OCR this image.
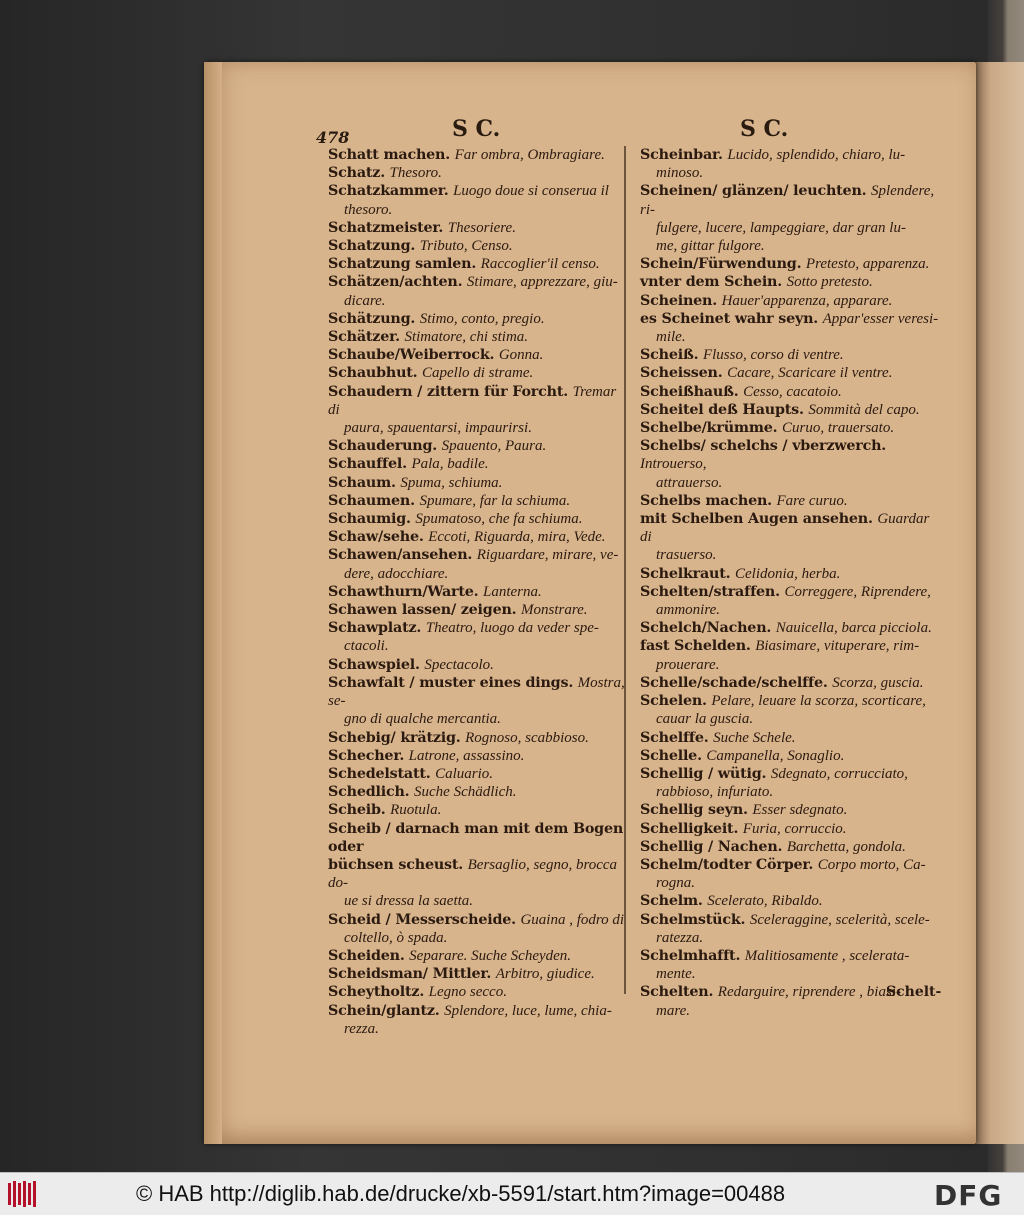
478	S C.	S C.
Schatt machen. Far ombra, Ombragiare.
Schatz. Thesoro.
Schatzkammer. Luogo doue si conserua il
thesoro.
Schatzmeister. Thesoriere.
Schatzung. Tributo, Censo.
Schatzung samlen. Raccoglier'il censo.
Schätzen/achten. Stimare, apprezzare, giu-
dicare.
Schätzung. Stimo, conto, pregio.
Schätzer. Stimatore, chi stima.
Schaube/Weiberrock. Gonna.
Schaubhut. Capello di strame.
Schaudern / zittern für Forcht. Tremar di
paura, spauentarsi, impaurirsi.
Schauderung. Spauento, Paura.
Schauffel. Pala, badile.
Schaum. Spuma, schiuma.
Schaumen. Spumare, far la schiuma.
Schaumig. Spumatoso, che fa schiuma.
Schaw/sehe. Eccoti, Riguarda, mira, Vede.
Schawen/ansehen. Riguardare, mirare, ve-
dere, adocchiare.
Schawthurn/Warte. Lanterna.
Schawen lassen/ zeigen. Monstrare.
Schawplatz. Theatro, luogo da veder spe-
ctacoli.
Schawspiel. Spectacolo.
Schawfalt / muster eines dings. Mostra, se-
gno di qualche mercantia.
Schebig/ krätzig. Rognoso, scabbioso.
Schecher. Latrone, assassino.
Schedelstatt. Caluario.
Schedlich. Suche Schädlich.
Scheib. Ruotula.
Scheib / darnach man mit dem Bogen oder
büchsen scheust. Bersaglio, segno, brocca do-
ue si dressa la saetta.
Scheid / Messerscheide. Guaina , fodro di
coltello, ò spada.
Scheiden. Separare. Suche Scheyden.
Scheidsman/ Mittler. Arbitro, giudice.
Scheytholtz. Legno secco.
Schein/glantz. Splendore, luce, lume, chia-
rezza.
Scheinbar. Lucido, splendido, chiaro, lu-
minoso.
Scheinen/ glänzen/ leuchten. Splendere, ri-
fulgere, lucere, lampeggiare, dar gran lu-
me, gittar fulgore.
Schein/Fürwendung. Pretesto, apparenza.
vnter dem Schein. Sotto pretesto.
Scheinen. Hauer'apparenza, apparare.
es Scheinet wahr seyn. Appar'esser veresi-
mile.
Scheiß. Flusso, corso di ventre.
Scheissen. Cacare, Scaricare il ventre.
Scheißhauß. Cesso, cacatoio.
Scheitel deß Haupts. Sommità del capo.
Schelbe/krümme. Curuo, trauersato.
Schelbs/ schelchs / vberzwerch. Introuerso,
attrauerso.
Schelbs machen. Fare curuo.
mit Schelben Augen ansehen. Guardar di
trasuerso.
Schelkraut. Celidonia, herba.
Schelten/straffen. Correggere, Riprendere,
ammonire.
Schelch/Nachen. Nauicella, barca picciola.
fast Schelden. Biasimare, vituperare, rim-
prouerare.
Schelle/schade/schelffe. Scorza, guscia.
Schelen. Pelare, leuare la scorza, scorticare,
cauar la guscia.
Schelffe. Suche Schele.
Schelle. Campanella, Sonaglio.
Schellig / wütig. Sdegnato, corrucciato,
rabbioso, infuriato.
Schellig seyn. Esser sdegnato.
Schelligkeit. Furia, corruccio.
Schellig / Nachen. Barchetta, gondola.
Schelm/todter Cörper. Corpo morto, Ca-
rogna.
Schelm. Scelerato, Ribaldo.
Schelmstück. Sceleraggine, scelerità, scele-
ratezza.
Schelmhafft. Malitiosamente , sceleratа-
mente.
Schelten. Redarguire, riprendere , biasi-
mare.
Schelt-
© HAB http://diglib.hab.de/drucke/xb-5591/start.htm?image=00488	DFG
